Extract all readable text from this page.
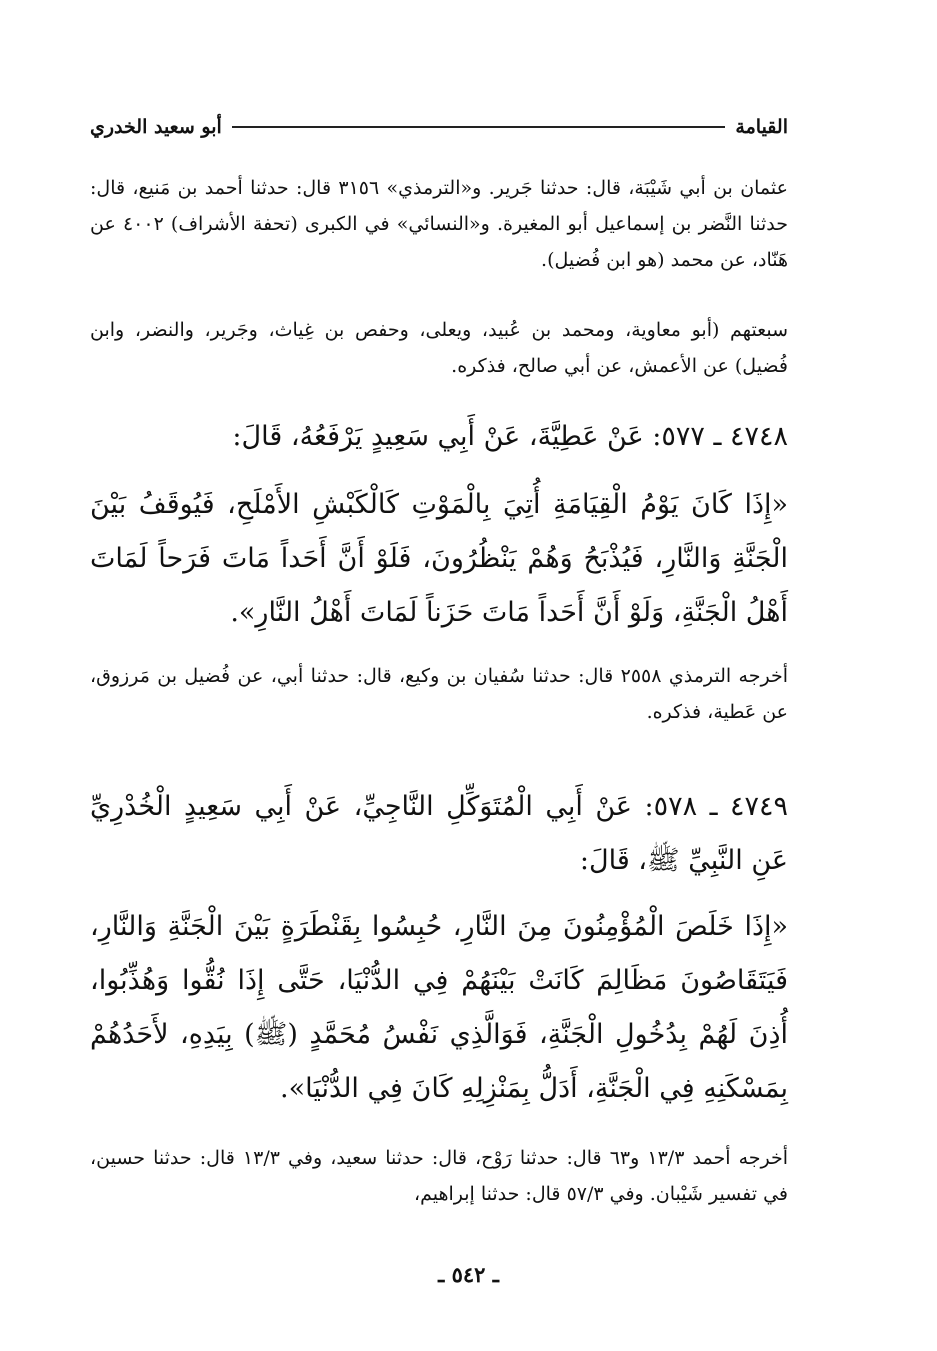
القيامة
أبو سعيد الخدري

عثمان بن أبي شَيْبَة، قال: حدثنا جَرير. و«الترمذي» ٣١٥٦ قال: حدثنا أحمد بن مَنيع، قال: حدثنا النَّضر بن إسماعيل أبو المغيرة. و«النسائي» في الكبرى (تحفة الأشراف) ٤٠٠٢ عن هَنّاد، عن محمد (هو ابن فُضيل).

سبعتهم (أبو معاوية، ومحمد بن عُبيد، ويعلى، وحفص بن غِياث، وجَرير، والنضر، وابن فُضيل) عن الأعمش، عن أبي صالح، فذكره.

٤٧٤٨ ـ ٥٧٧: عَنْ عَطِيَّةَ، عَنْ أَبِي سَعِيدٍ يَرْفَعُهُ، قَالَ:

«إِذَا كَانَ يَوْمُ الْقِيَامَةِ أُتِيَ بِالْمَوْتِ كَالْكَبْشِ الأَمْلَحِ، فَيُوقَفُ بَيْنَ الْجَنَّةِ وَالنَّارِ، فَيُذْبَحُ وَهُمْ يَنْظُرُونَ، فَلَوْ أَنَّ أَحَداً مَاتَ فَرَحاً لَمَاتَ أَهْلُ الْجَنَّةِ، وَلَوْ أَنَّ أَحَداً مَاتَ حَزَناً لَمَاتَ أَهْلُ النَّارِ».

أخرجه الترمذي ٢٥٥٨ قال: حدثنا سُفيان بن وكيع، قال: حدثنا أبي، عن فُضيل بن مَرزوق، عن عَطية، فذكره.

٤٧٤٩ ـ ٥٧٨: عَنْ أَبِي الْمُتَوَكِّلِ النَّاجِيِّ، عَنْ أَبِي سَعِيدٍ الْخُدْرِيِّ عَنِ النَّبِيِّ ﷺ، قَالَ:

«إِذَا خَلَصَ الْمُؤْمِنُونَ مِنَ النَّارِ، حُبِسُوا بِقَنْطَرَةٍ بَيْنَ الْجَنَّةِ وَالنَّارِ، فَيَتَقَاصُونَ مَظَالِمَ كَانَتْ بَيْنَهُمْ فِي الدُّنْيَا، حَتَّى إِذَا نُقُّوا وَهُذِّبُوا، أُذِنَ لَهُمْ بِدُخُولِ الْجَنَّةِ، فَوَالَّذِي نَفْسُ مُحَمَّدٍ (ﷺ) بِيَدِهِ، لأَحَدُهُمْ بِمَسْكَنِهِ فِي الْجَنَّةِ، أَدَلُّ بِمَنْزِلِهِ كَانَ فِي الدُّنْيَا».

أخرجه أحمد ١٣/٣ و٦٣ قال: حدثنا رَوْح، قال: حدثنا سعيد، وفي ١٣/٣ قال: حدثنا حسين، في تفسير شَيْبان. وفي ٥٧/٣ قال: حدثنا إبراهيم،

ـ ٥٤٢ ـ
